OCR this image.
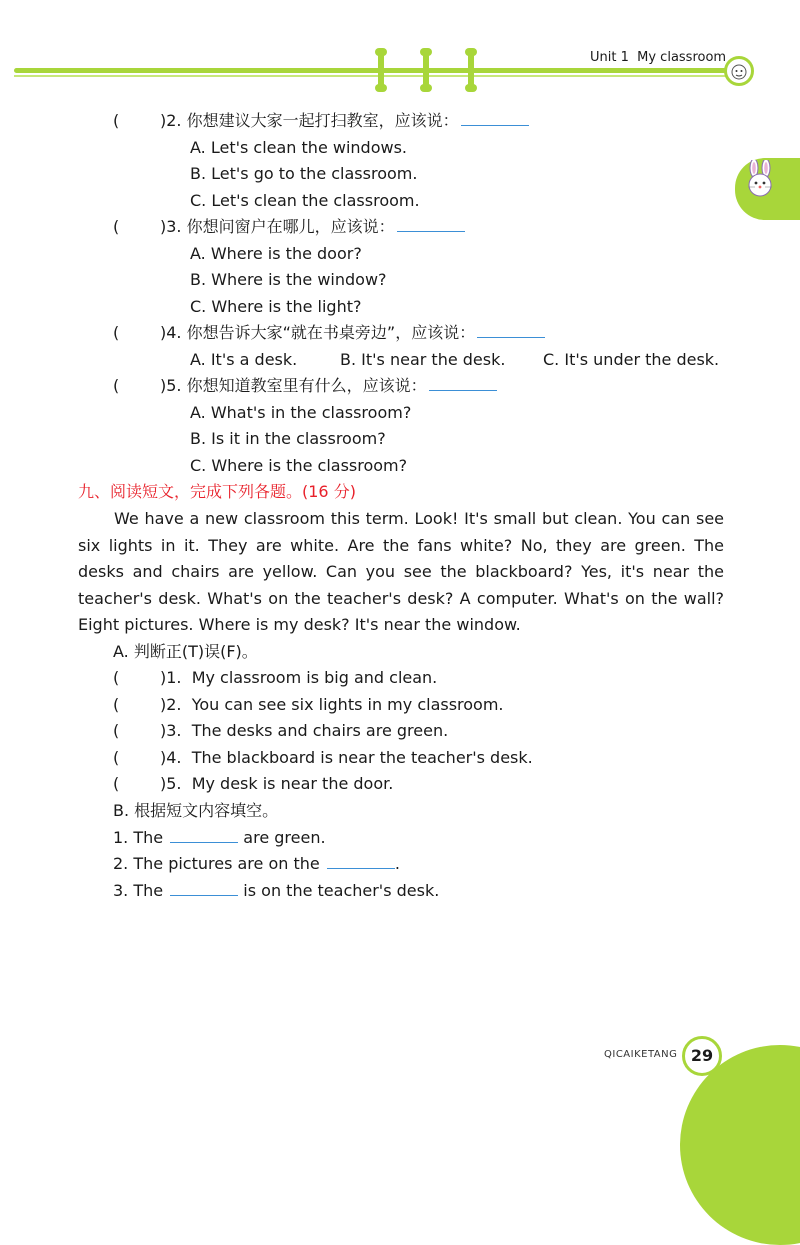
Unit 1 My classroom
(	)2. 你想建议大家一起打扫教室，应该说：
A. Let's clean the windows.
B. Let's go to the classroom.
C. Let's clean the classroom.
(	)3. 你想问窗户在哪儿，应该说：
A. Where is the door?
B. Where is the window?
C. Where is the light?
(	)4. 你想告诉大家“就在书桌旁边”，应该说：
A. It's a desk.	B. It's near the desk. C. It's under the desk.
(	)5. 你想知道教室里有什么，应该说：
A. What's in the classroom?
B. Is it in the classroom?
C. Where is the classroom?
九、阅读短文，完成下列各题。(16 分)
We have a new classroom this term. Look! It's small but clean. You can see six lights in it. They are white. Are the fans white? No, they are green. The desks and chairs are yellow. Can you see the blackboard? Yes, it's near the teacher's desk. What's on the teacher's desk? A computer. What's on the wall? Eight pictures. Where is my desk? It's near the window.
A. 判断正(T)误(F)。
(	)1. My classroom is big and clean.
(	)2. You can see six lights in my classroom.
(	)3. The desks and chairs are green.
(	)4. The blackboard is near the teacher's desk.
(	)5. My desk is near the door.
B. 根据短文内容填空。
1. The	are green.
2. The pictures are on the	.
3. The	is on the teacher's desk.
QICAIKETANG 29
